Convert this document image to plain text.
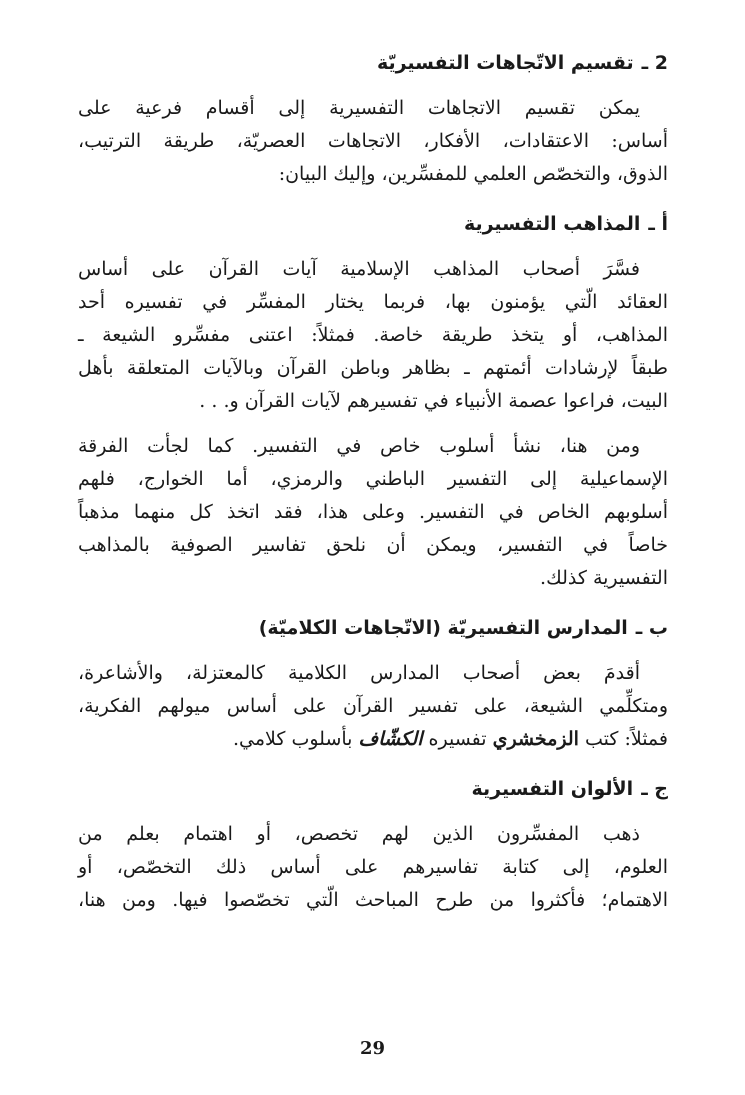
2 ـ
تقسيم الاتّجاهات التفسيريّة

يمكن تقسيم الاتجاهات التفسيرية إلى أقسام فرعية على
أساس: الاعتقادات، الأفكار، الاتجاهات العصريّة، طريقة الترتيب،
الذوق، والتخصّص العلمي للمفسِّرين، وإليك البيان:

أ ـ
المذاهب التفسيرية

فسَّرَ أصحاب المذاهب الإسلامية آيات القرآن على أساس
العقائد الّتي يؤمنون بها، فربما يختار المفسِّر في تفسيره أحد
المذاهب، أو يتخذ طريقة خاصة. فمثلاً: اعتنى مفسِّرو الشيعة ـ
طبقاً لإرشادات أئمتهم ـ بظاهر وباطن القرآن وبالآيات المتعلقة بأهل
البيت، فراعوا عصمة الأنبياء في تفسيرهم لآيات القرآن و. . .

ومن هنا، نشأ أسلوب خاص في التفسير. كما لجأت الفرقة
الإسماعيلية إلى التفسير الباطني والرمزي، أما الخوارج، فلهم
أسلوبهم الخاص في التفسير. وعلى هذا، فقد اتخذ كل منهما مذهباً
خاصاً في التفسير، ويمكن أن نلحق تفاسير الصوفية بالمذاهب
التفسيرية كذلك.

ب ـ
المدارس التفسيريّة (الاتّجاهات الكلاميّة)

أقدمَ بعض أصحاب المدارس الكلامية كالمعتزلة، والأشاعرة،
ومتكلِّمي الشيعة، على تفسير القرآن على أساس ميولهم الفكرية،
فمثلاً: كتب الزمخشري تفسيره الكشّاف بأسلوب كلامي.

ج ـ
الألوان التفسيرية

ذهب المفسِّرون الذين لهم تخصص، أو اهتمام بعلم من
العلوم، إلى كتابة تفاسيرهم على أساس ذلك التخصّص، أو
الاهتمام؛ فأكثروا من طرح المباحث الّتي تخصّصوا فيها. ومن هنا،

29
